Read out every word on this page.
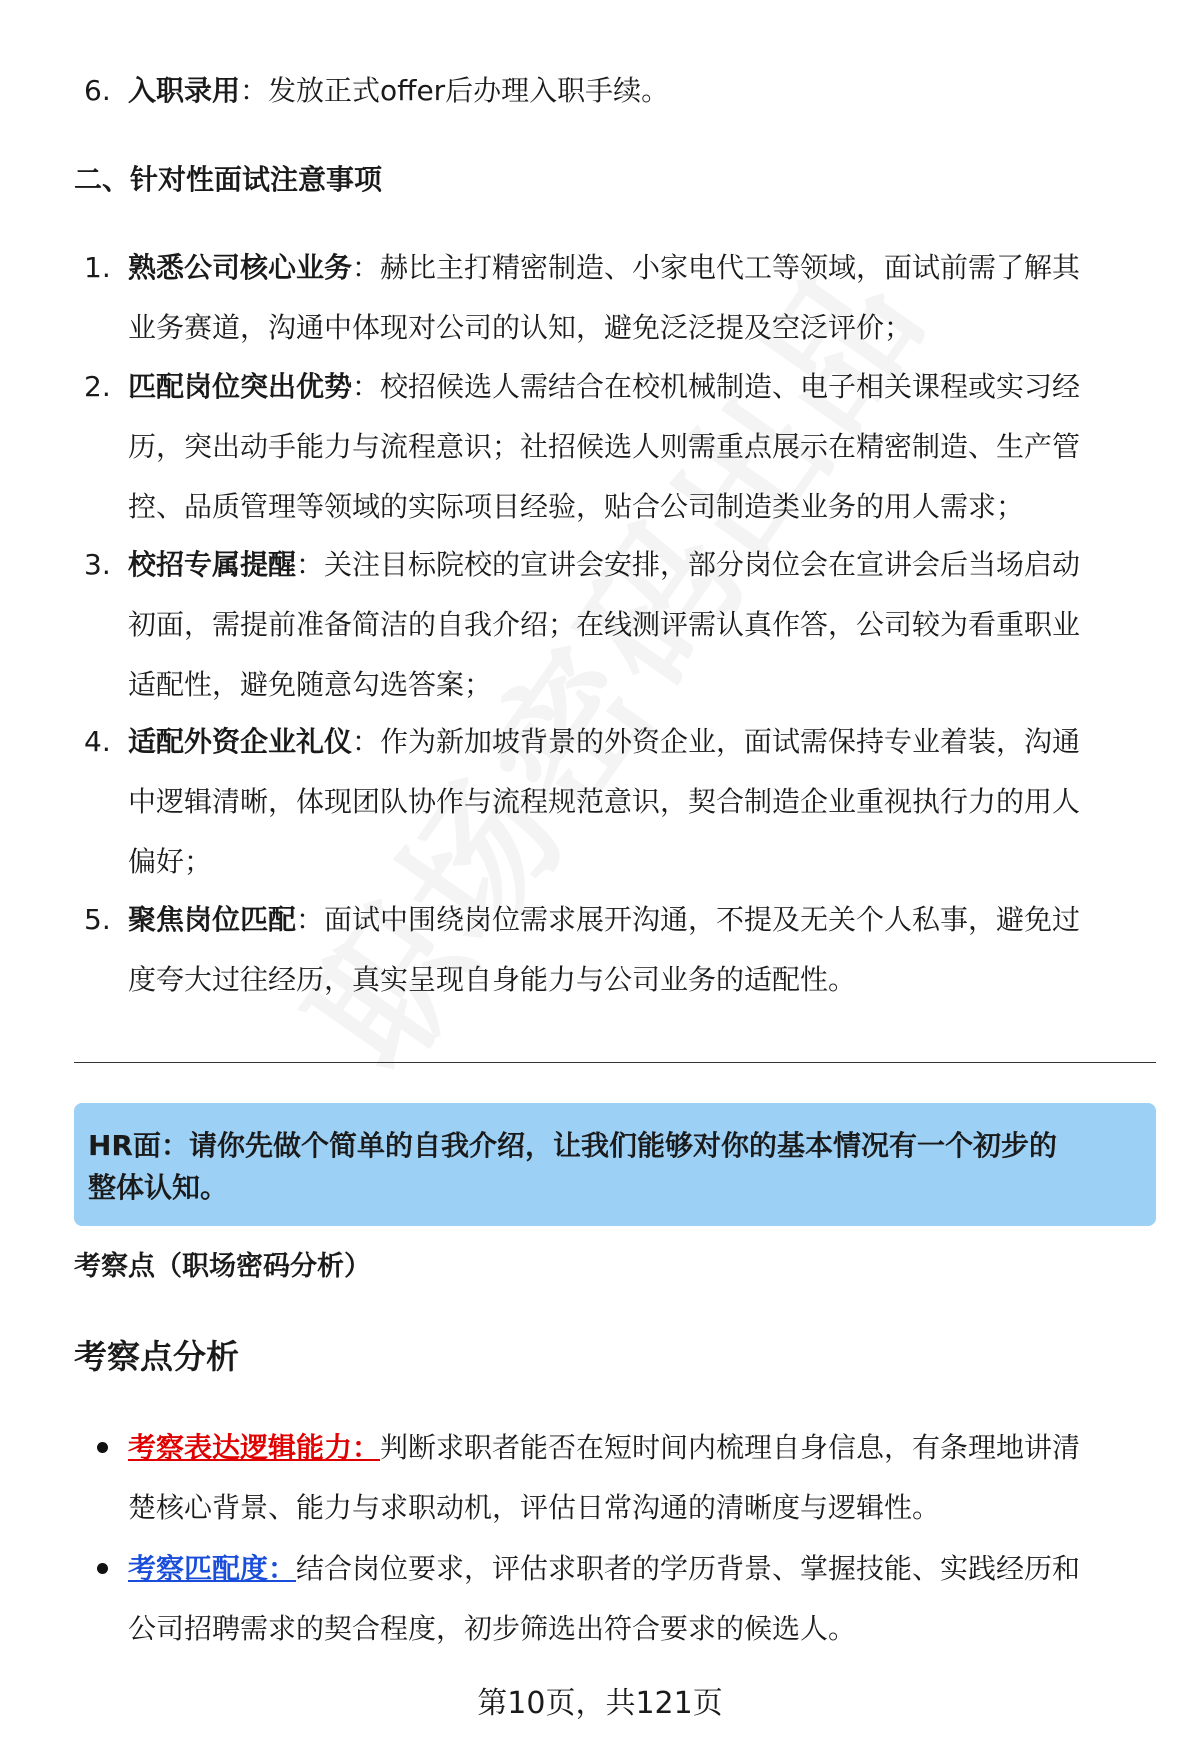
6. 入职录用：发放正式offer后办理入职手续。
二、针对性面试注意事项
1. 熟悉公司核心业务：赫比主打精密制造、小家电代工等领域，面试前需了解其
业务赛道，沟通中体现对公司的认知，避免泛泛提及空泛评价；
2. 匹配岗位突出优势：校招候选人需结合在校机械制造、电子相关课程或实习经
历，突出动手能力与流程意识；社招候选人则需重点展示在精密制造、生产管
控、品质管理等领域的实际项目经验，贴合公司制造类业务的用人需求；
3. 校招专属提醒：关注目标院校的宣讲会安排，部分岗位会在宣讲会后当场启动
初面，需提前准备简洁的自我介绍；在线测评需认真作答，公司较为看重职业
适配性，避免随意勾选答案；
4. 适配外资企业礼仪：作为新加坡背景的外资企业，面试需保持专业着装，沟通
中逻辑清晰，体现团队协作与流程规范意识，契合制造企业重视执行力的用人
偏好；
5. 聚焦岗位匹配：面试中围绕岗位需求展开沟通，不提及无关个人私事，避免过
度夸大过往经历，真实呈现自身能力与公司业务的适配性。
HR面：请你先做个简单的自我介绍，让我们能够对你的基本情况有一个初步的
整体认知。
考察点（职场密码分析）
考察点分析
考察表达逻辑能力：判断求职者能否在短时间内梳理自身信息，有条理地讲清
楚核心背景、能力与求职动机，评估日常沟通的清晰度与逻辑性。
考察匹配度：结合岗位要求，评估求职者的学历背景、掌握技能、实践经历和
公司招聘需求的契合程度，初步筛选出符合要求的候选人。
第10页，共121页
